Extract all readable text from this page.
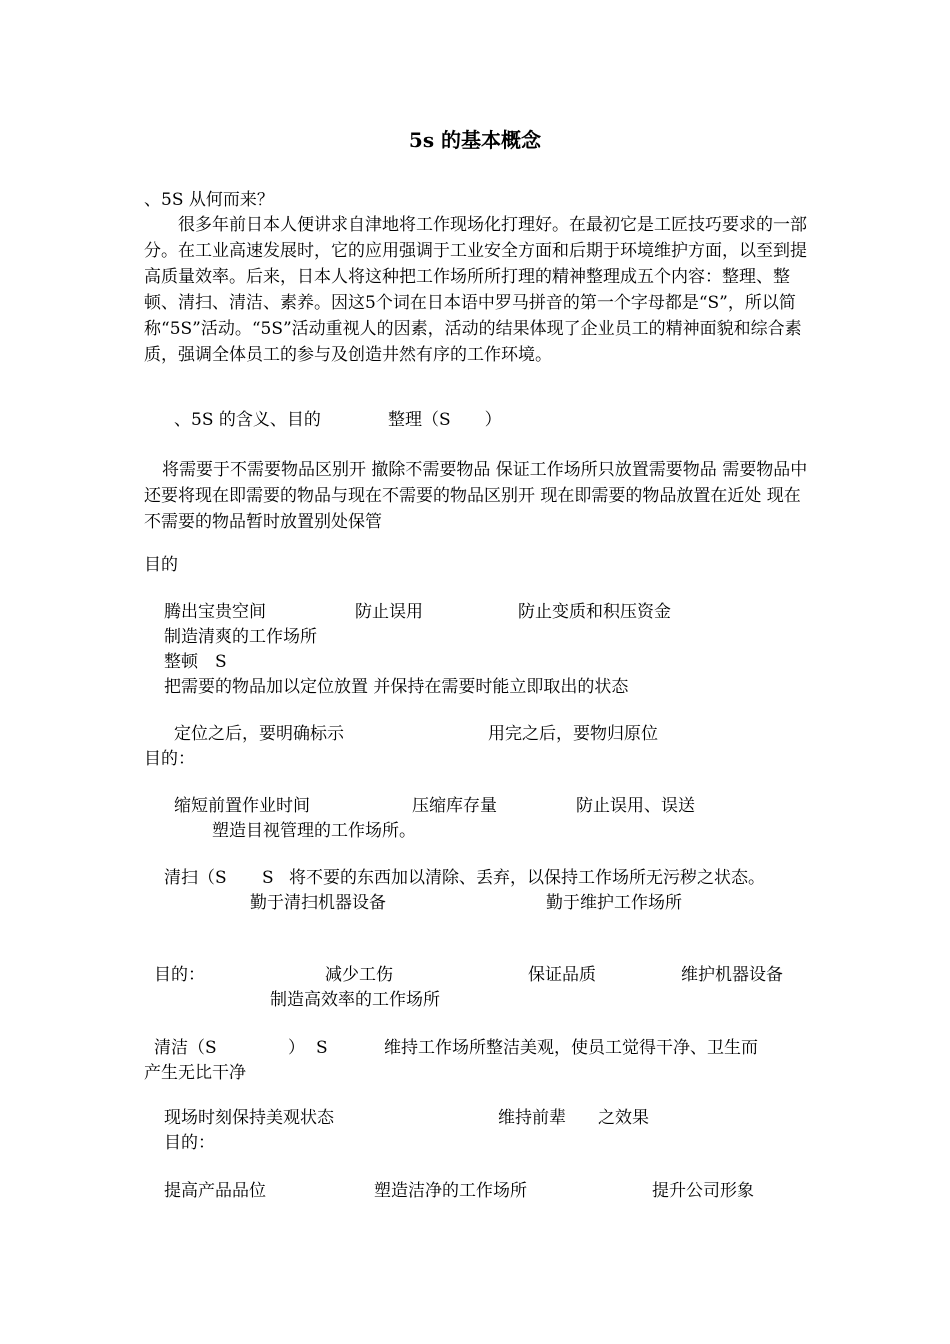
5s 的基本概念
、5S 从何而来？
很多年前日本人便讲求自津地将工作现场化打理好。在最初它是工匠技巧要求的一部分。在工业高速发展时，它的应用强调于工业安全方面和后期于环境维护方面，以至到提高质量效率。后来，日本人将这种把工作场所所打理的精神整理成五个内容：整理、整顿、清扫、清洁、素养。因这5个词在日本语中罗马拼音的第一个字母都是“S”，所以简称“5S”活动。“5S”活动重视人的因素，活动的结果体现了企业员工的精神面貌和综合素质，强调全体员工的参与及创造井然有序的工作环境。
、5S 的含义、目的	整理（S　　）
将需要于不需要物品区别开 撤除不需要物品 保证工作场所只放置需要物品 需要物品中 还要将现在即需要的物品与现在不需要的物品区别开 现在即需要的物品放置在近处 现在不需要的物品暂时放置别处保管
目的
腾出宝贵空间	防止误用	防止变质和积压资金
制造清爽的工作场所
整顿　S
把需要的物品加以定位放置 并保持在需要时能立即取出的状态
定位之后，要明确标示	用完之后，要物归原位
目的：
缩短前置作业时间	压缩库存量	防止误用、误送
塑造目视管理的工作场所。
清扫（S S 将不要的东西加以清除、丢弃，以保持工作场所无污秽之状态。
勤于清扫机器设备	勤于维护工作场所
目的：	减少工伤	保证品质	维护机器设备
制造高效率的工作场所
清洁（S	） S	维持工作场所整洁美观，使员工觉得干净、卫生而
产生无比干净
现场时刻保持美观状态	维持前辈 之效果
目的：
提高产品品位	塑造洁净的工作场所	提升公司形象
